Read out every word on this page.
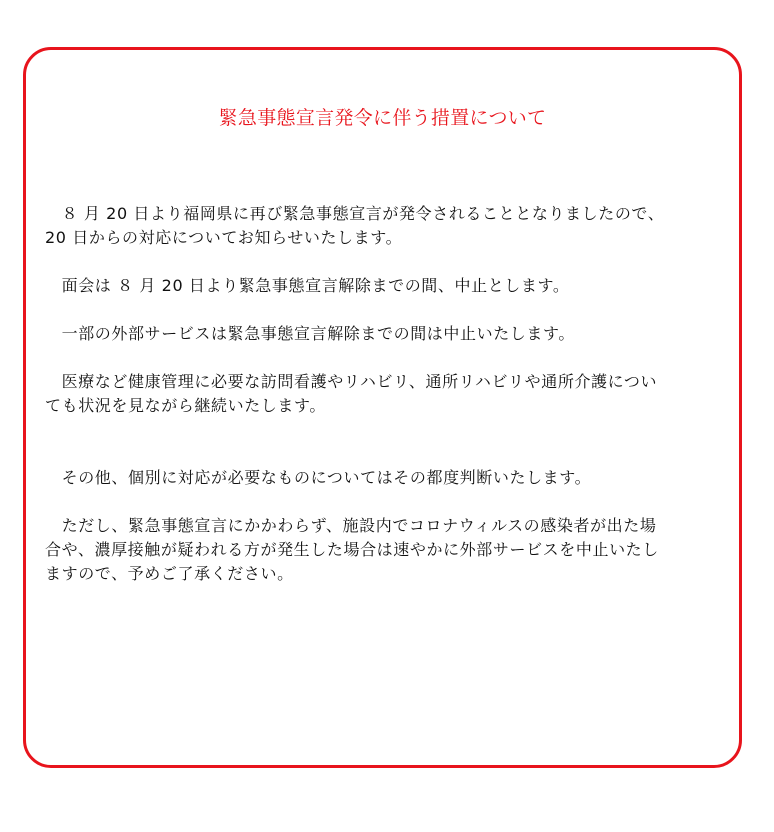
緊急事態宣言発令に伴う措置について

　８ 月 20 日より福岡県に再び緊急事態宣言が発令されることとなりましたので、
20 日からの対応についてお知らせいたします。

　面会は ８ 月 20 日より緊急事態宣言解除までの間、中止とします。

　一部の外部サービスは緊急事態宣言解除までの間は中止いたします。

　医療など健康管理に必要な訪問看護やリハビリ、通所リハビリや通所介護につい
ても状況を見ながら継続いたします。

　その他、個別に対応が必要なものについてはその都度判断いたします。

　ただし、緊急事態宣言にかかわらず、施設内でコロナウィルスの感染者が出た場
合や、濃厚接触が疑われる方が発生した場合は速やかに外部サービスを中止いたし
ますので、予めご了承ください。
